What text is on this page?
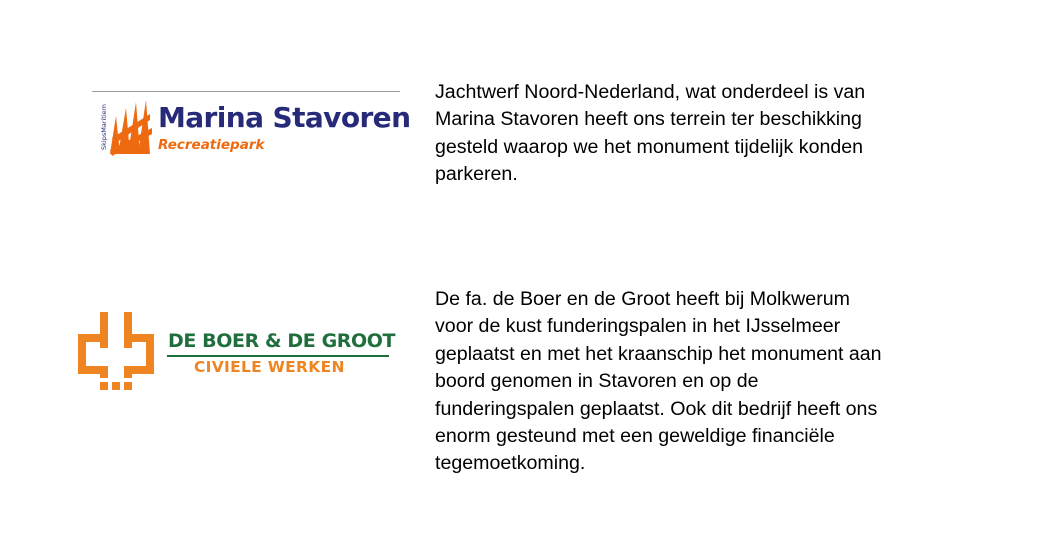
SkipsMaritiem Marina Stavoren
Recreatiepark

Jachtwerf Noord-Nederland, wat onderdeel is van
Marina Stavoren heeft ons terrein ter beschikking
gesteld waarop we het monument tijdelijk konden
parkeren.

DE BOER & DE GROOT
CIVIELE WERKEN

De fa. de Boer en de Groot heeft bij Molkwerum
voor de kust funderingspalen in het IJsselmeer
geplaatst en met het kraanschip het monument aan
boord genomen in Stavoren en op de
funderingspalen geplaatst. Ook dit bedrijf heeft ons
enorm gesteund met een geweldige financiële
tegemoetkoming.
